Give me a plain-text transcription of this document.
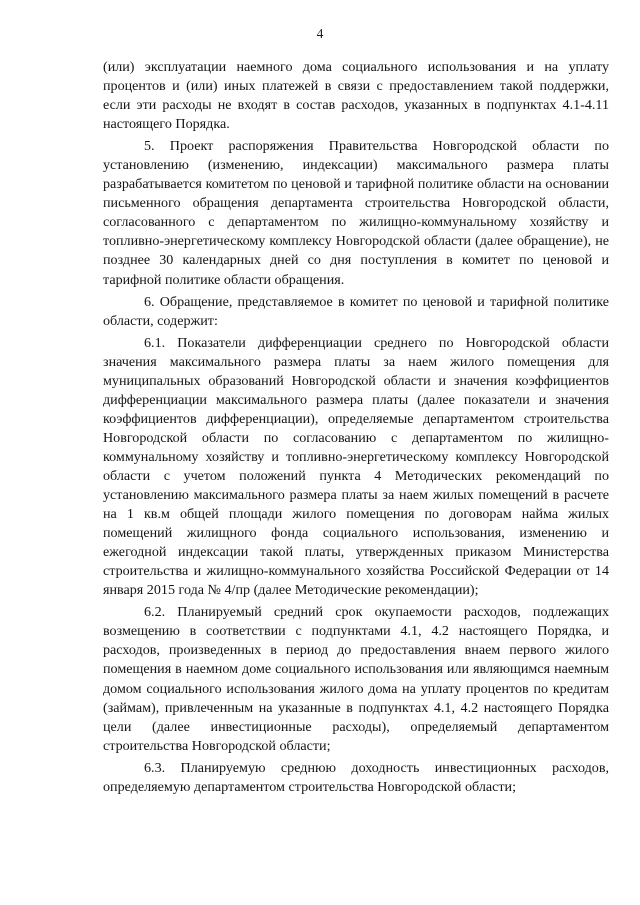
4

(или) эксплуатации наемного дома социального использования и на уплату процентов и (или) иных платежей в связи с предоставлением такой поддержки, если эти расходы не входят в состав расходов, указанных в подпунктах 4.1-4.11 настоящего Порядка.

5. Проект распоряжения Правительства Новгородской области по установлению (изменению, индексации) максимального размера платы разрабатывается комитетом по ценовой и тарифной политике области на основании письменного обращения департамента строительства Новгородской области, согласованного с департаментом по жилищно-коммунальному хозяйству и топливно-энергетическому комплексу Новгородской области (далее обращение), не позднее 30 календарных дней со дня поступления в комитет по ценовой и тарифной политике области обращения.

6. Обращение, представляемое в комитет по ценовой и тарифной политике области, содержит:

6.1. Показатели дифференциации среднего по Новгородской области значения максимального размера платы за наем жилого помещения для муниципальных образований Новгородской области и значения коэффициентов дифференциации максимального размера платы (далее показатели и значения коэффициентов дифференциации), определяемые департаментом строительства Новгородской области по согласованию с департаментом по жилищно-коммунальному хозяйству и топливно-энергетическому комплексу Новгородской области с учетом положений пункта 4 Методических рекомендаций по установлению максимального размера платы за наем жилых помещений в расчете на 1 кв.м общей площади жилого помещения по договорам найма жилых помещений жилищного фонда социального использования, изменению и ежегодной индексации такой платы, утвержденных приказом Министерства строительства и жилищно-коммунального хозяйства Российской Федерации от 14 января 2015 года № 4/пр (далее Методические рекомендации);

6.2. Планируемый средний срок окупаемости расходов, подлежащих возмещению в соответствии с подпунктами 4.1, 4.2 настоящего Порядка, и расходов, произведенных в период до предоставления внаем первого жилого помещения в наемном доме социального использования или являющимся наемным домом социального использования жилого дома на уплату процентов по кредитам (займам), привлеченным на указанные в подпунктах 4.1, 4.2 настоящего Порядка цели (далее инвестиционные расходы), определяемый департаментом строительства Новгородской области;

6.3. Планируемую среднюю доходность инвестиционных расходов, определяемую департаментом строительства Новгородской области;
